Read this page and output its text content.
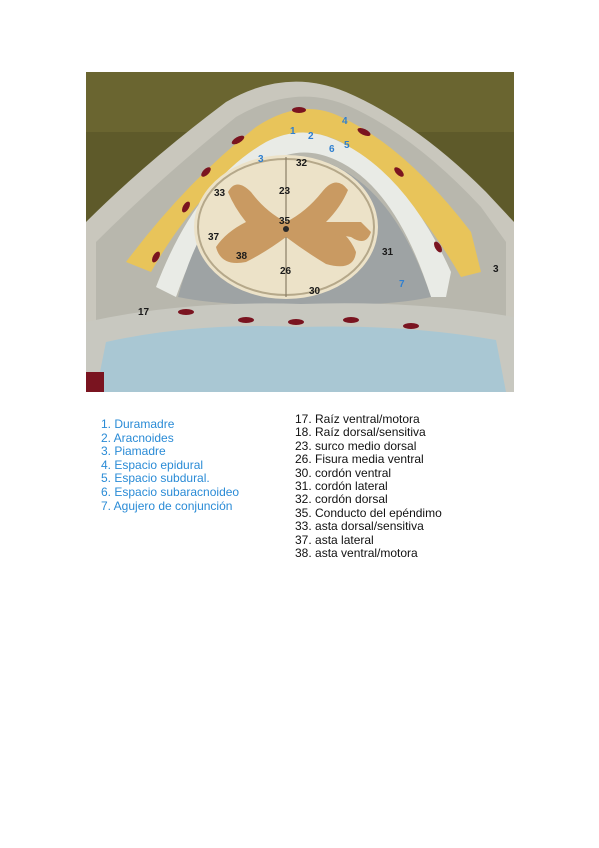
1 2
3
4
5
6
7
3
17
23
26
30
31
32
33
37
38
35
1. Duramadre
2. Aracnoides
3. Piamadre
4. Espacio epidural
5. Espacio subdural.
6. Espacio subaracnoideo
7. Agujero de conjunción
17. Raíz ventral/motora
18. Raíz dorsal/sensitiva
23. surco medio dorsal
26. Fisura media ventral
30. cordón ventral
31. cordón lateral
32. cordón dorsal
35. Conducto del epéndimo
33. asta dorsal/sensitiva
37. asta lateral
38. asta ventral/motora
